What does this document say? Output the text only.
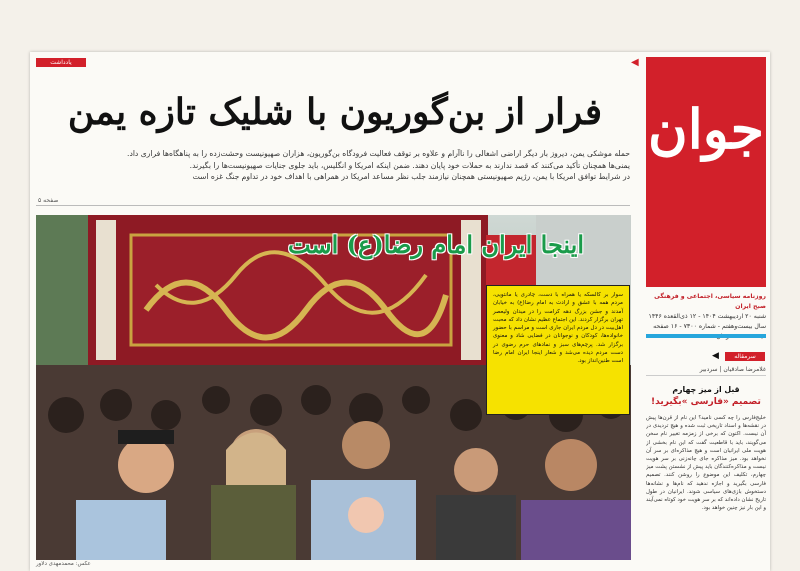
یادداشت	◀
فرار از بن‌گوریون با شلیک تازه یمن

حمله موشکی یمن، دیروز بار دیگر اراضی اشغالی را ناآرام و علاوه بر توقف فعالیت فرودگاه بن‌گوریون، هزاران صهیونیست وحشت‌زده را به پناهگاه‌ها فراری داد.

یمنی‌ها همچنان تأکید می‌کنند که قصد ندارند به حملات خود پایان دهند. ضمن اینکه امریکا و انگلیس، باید جلوی جنایات صهیونیست‌ها را بگیرند.

در شرایط توافق امریکا با یمن، رژیم صهیونیستی همچنان نیازمند جلب نظر مساعد امریکا در همراهی با اهداف خود در تداوم جنگ غزه است

صفحه ۵
جوان
روزنامه سیاسی، اجتماعی و فرهنگی صبح ایران
شنبه ۲۰ اردیبهشت ۱۴۰۴ - ۱۲ ذی‌القعده ۱۴۴۶
سال بیست‌وهفتم - شماره ۷۳۰۰ - ۱۶ صفحه
سرمقاله
◀
غلامرضا صادقیان | سردبیر
قبل از میز چهارم
تصمیم «فارسی »بگیرید!
خلیج‌فارس را چه کسی نامید؟ این نام از قرن‌ها پیش در نقشه‌ها و اسناد تاریخی ثبت شده و هیچ تردیدی در آن نیست. اکنون که برخی از زمزمه تغییر نام سخن می‌گویند، باید با قاطعیت گفت که این نام بخشی از هویت ملی ایرانیان است و هیچ مذاکره‌ای بر سر آن نخواهد بود. میز مذاکره جای چانه‌زنی بر سر هویت نیست و مذاکره‌کنندگان باید پیش از نشستن پشت میز چهارم، تکلیف این موضوع را روشن کنند. تصمیم فارسی بگیرید و اجازه ندهید که نام‌ها و نشانه‌ها دستخوش بازی‌های سیاسی شوند. ایرانیان در طول تاریخ نشان داده‌اند که بر سر هویت خود کوتاه نمی‌آیند و این بار نیز چنین خواهد بود.
اینجا ایران امام رضا(ع) است
سوار بر کالسکه یا همراه با دست، چادری یا مانتویی، مردم همه با عشق و ارادت به امام رضا(ع) به خیابان آمدند و جشن بزرگ دهه کرامت را در میدان ولیعصر تهران برگزار کردند. این اجتماع عظیم نشان داد که محبت اهل‌بیت در دل مردم ایران جاری است و مراسم با حضور خانواده‌ها، کودکان و نوجوانان در فضایی شاد و معنوی برگزار شد. پرچم‌های سبز و نمادهای حرم رضوی در دست مردم دیده می‌شد و شعار اینجا ایران امام رضا است طنین‌انداز بود.
عکس: محمدمهدی دلاور
